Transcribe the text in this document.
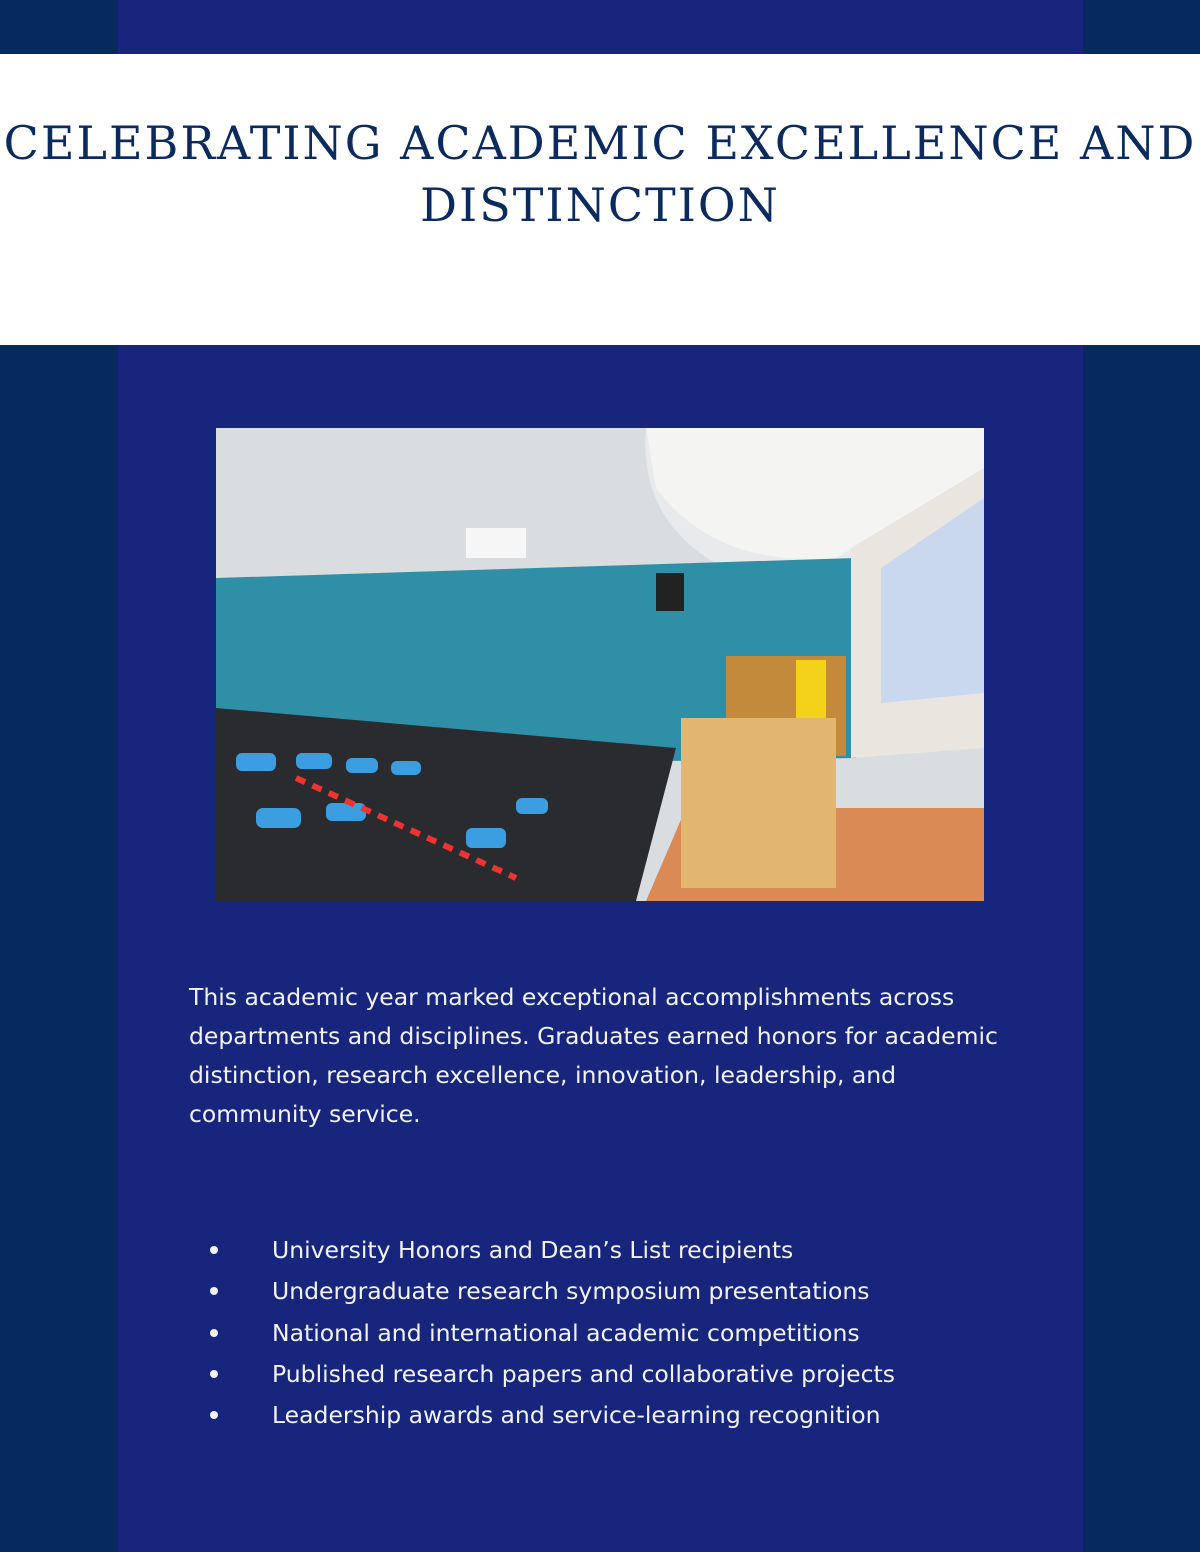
CELEBRATING ACADEMIC EXCELLENCE AND DISTINCTION

This academic year marked exceptional accomplishments across departments and disciplines. Graduates earned honors for academic distinction, research excellence, innovation, leadership, and community service.

University Honors and Dean’s List recipients
Undergraduate research symposium presentations
National and international academic competitions
Published research papers and collaborative projects
Leadership awards and service-learning recognition
